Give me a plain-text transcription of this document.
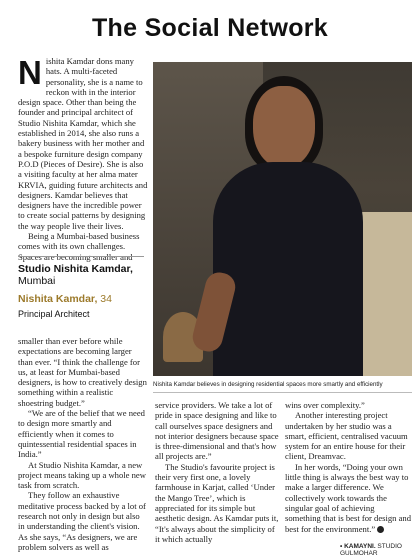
The Social Network
N ishita Kamdar dons many hats. A multi-faceted personality, she is a name to reckon with in the interior design space. Other than being the founder and principal architect of Studio Nishita Kamdar, which she established in 2014, she also runs a bakery business with her mother and a bespoke furniture design company P.O.D (Pieces of Desire). She is also a visiting faculty at her alma mater KRVIA, guiding future architects and designers. Kamdar believes that designers have the incredible power to create social patterns by designing the way people live their lives.

Being a Mumbai-based business comes with its own challenges.

Studio Nishita Kamdar, Mumbai
Nishita Kamdar, 34
Principal Architect
Nishita Kamdar believes in designing residential spaces more smartly and efficiently

smaller than ever before while expectations are becoming larger than ever. “I think the challenge for us, at least for Mumbai-based designers, is how to creatively design something within a realistic shoestring budget.”

“We are of the belief that we need to design more smartly and efficiently when it comes to quintessential residential spaces in India.”

At Studio Nishita Kamdar, a new project means taking up a whole new task from scratch.

They follow an exhaustive meditative process backed by a lot of research not only in design but also in understanding the client's vision. As she says, “As designers, we are problem solvers as well as

service providers. We take a lot of pride in space designing and like to call ourselves space designers and not interior designers because space is three-dimensional and that's how all projects are.”

The Studio's favourite project is their very first one, a lovely farmhouse in Karjat, called ‘Under the Mango Tree’, which is appreciated for its simple but aesthetic design. As Kamdar puts it, “It's always about the simplicity of it which actually

wins over complexity.”

Another interesting project undertaken by her studio was a smart, efficient, centralised vacuum system for an entire house for their client, Dreamvac.

In her words, “Doing your own little thing is always the best way to make a larger difference. We collectively work towards the singular goal of achieving something that is best for design and best for the environment.”

• KAMAYNI. STUDIO GULMOHAR
